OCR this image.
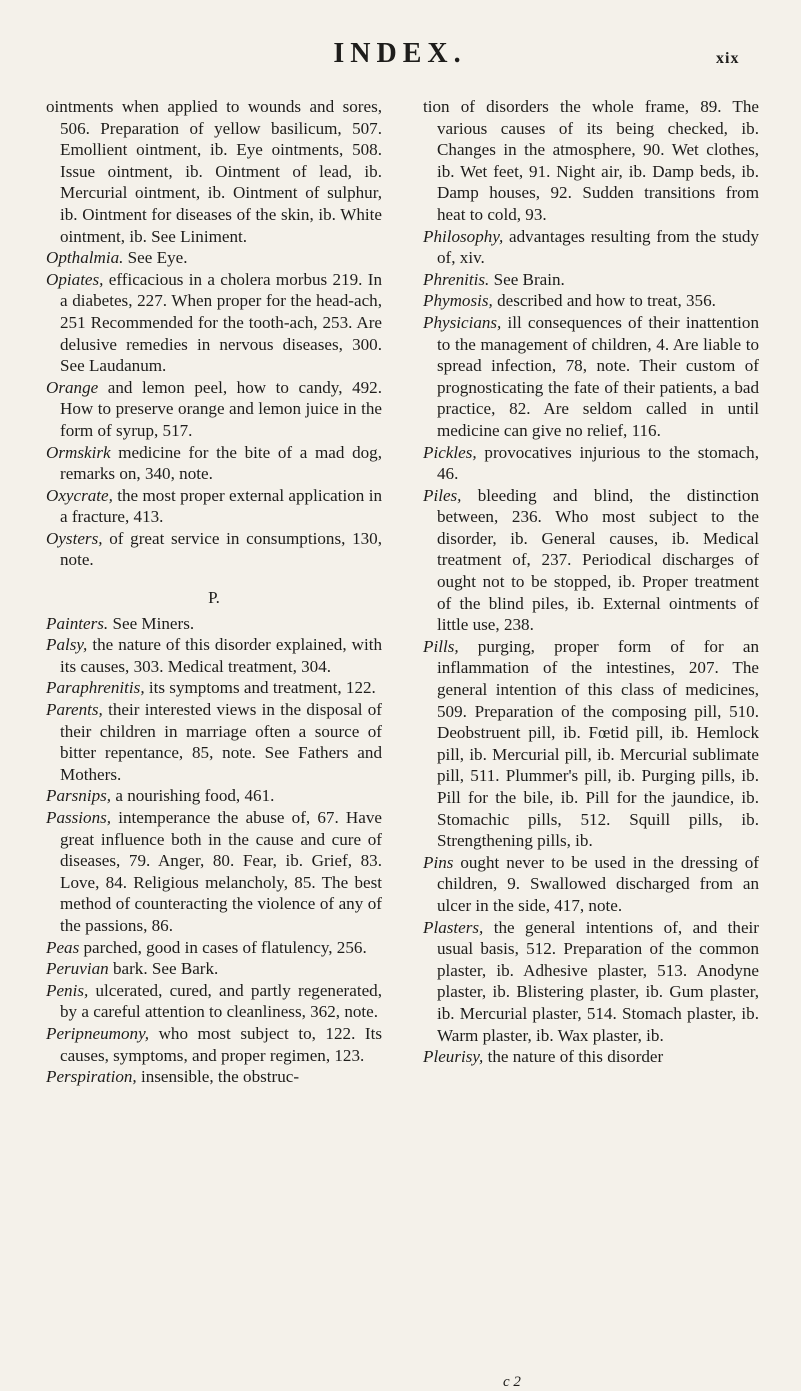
INDEX.	xix

ointments when applied to wounds and sores, 506. Preparation of yellow basilicum, 507. Emollient ointment, ib. Eye ointments, 508. Issue ointment, ib. Ointment of lead, ib. Mercurial ointment, ib. Ointment of sulphur, ib. Ointment for diseases of the skin, ib. White ointment, ib. See Liniment.

Opthalmia. See Eye.

Opiates, efficacious in a cholera morbus 219. In a diabetes, 227. When proper for the head-ach, 251 Recommended for the tooth-ach, 253. Are delusive remedies in nervous diseases, 300. See Laudanum.

Orange and lemon peel, how to candy, 492. How to preserve orange and lemon juice in the form of syrup, 517.

Ormskirk medicine for the bite of a mad dog, remarks on, 340, note.

Oxycrate, the most proper external application in a fracture, 413.

Oysters, of great service in consumptions, 130, note.

P.

Painters. See Miners.

Palsy, the nature of this disorder explained, with its causes, 303. Medical treatment, 304.

Paraphrenitis, its symptoms and treatment, 122.

Parents, their interested views in the disposal of their children in marriage often a source of bitter repentance, 85, note. See Fathers and Mothers.

Parsnips, a nourishing food, 461.

Passions, intemperance the abuse of, 67. Have great influence both in the cause and cure of diseases, 79. Anger, 80. Fear, ib. Grief, 83. Love, 84. Religious melancholy, 85. The best method of counteracting the violence of any of the passions, 86.

Peas parched, good in cases of flatulency, 256.

Peruvian bark. See Bark.

Penis, ulcerated, cured, and partly regenerated, by a careful attention to cleanliness, 362, note.

Peripneumony, who most subject to, 122. Its causes, symptoms, and proper regimen, 123.

Perspiration, insensible, the obstruc-

tion of disorders the whole frame, 89. The various causes of its being checked, ib. Changes in the atmosphere, 90. Wet clothes, ib. Wet feet, 91. Night air, ib. Damp beds, ib. Damp houses, 92. Sudden transitions from heat to cold, 93.

Philosophy, advantages resulting from the study of, xiv.

Phrenitis. See Brain.

Phymosis, described and how to treat, 356.

Physicians, ill consequences of their inattention to the management of children, 4. Are liable to spread infection, 78, note. Their custom of prognosticating the fate of their patients, a bad practice, 82. Are seldom called in until medicine can give no relief, 116.

Pickles, provocatives injurious to the stomach, 46.

Piles, bleeding and blind, the distinction between, 236. Who most subject to the disorder, ib. General causes, ib. Medical treatment of, 237. Periodical discharges of ought not to be stopped, ib. Proper treatment of the blind piles, ib. External ointments of little use, 238.

Pills, purging, proper form of for an inflammation of the intestines, 207. The general intention of this class of medicines, 509. Preparation of the composing pill, 510. Deobstruent pill, ib. Fœtid pill, ib. Hemlock pill, ib. Mercurial pill, ib. Mercurial sublimate pill, 511. Plummer's pill, ib. Purging pills, ib. Pill for the bile, ib. Pill for the jaundice, ib. Stomachic pills, 512. Squill pills, ib. Strengthening pills, ib.

Pins ought never to be used in the dressing of children, 9. Swallowed discharged from an ulcer in the side, 417, note.

Plasters, the general intentions of, and their usual basis, 512. Preparation of the common plaster, ib. Adhesive plaster, 513. Anodyne plaster, ib. Blistering plaster, ib. Gum plaster, ib. Mercurial plaster, 514. Stomach plaster, ib. Warm plaster, ib. Wax plaster, ib.

Pleurisy, the nature of this disorder

c 2
